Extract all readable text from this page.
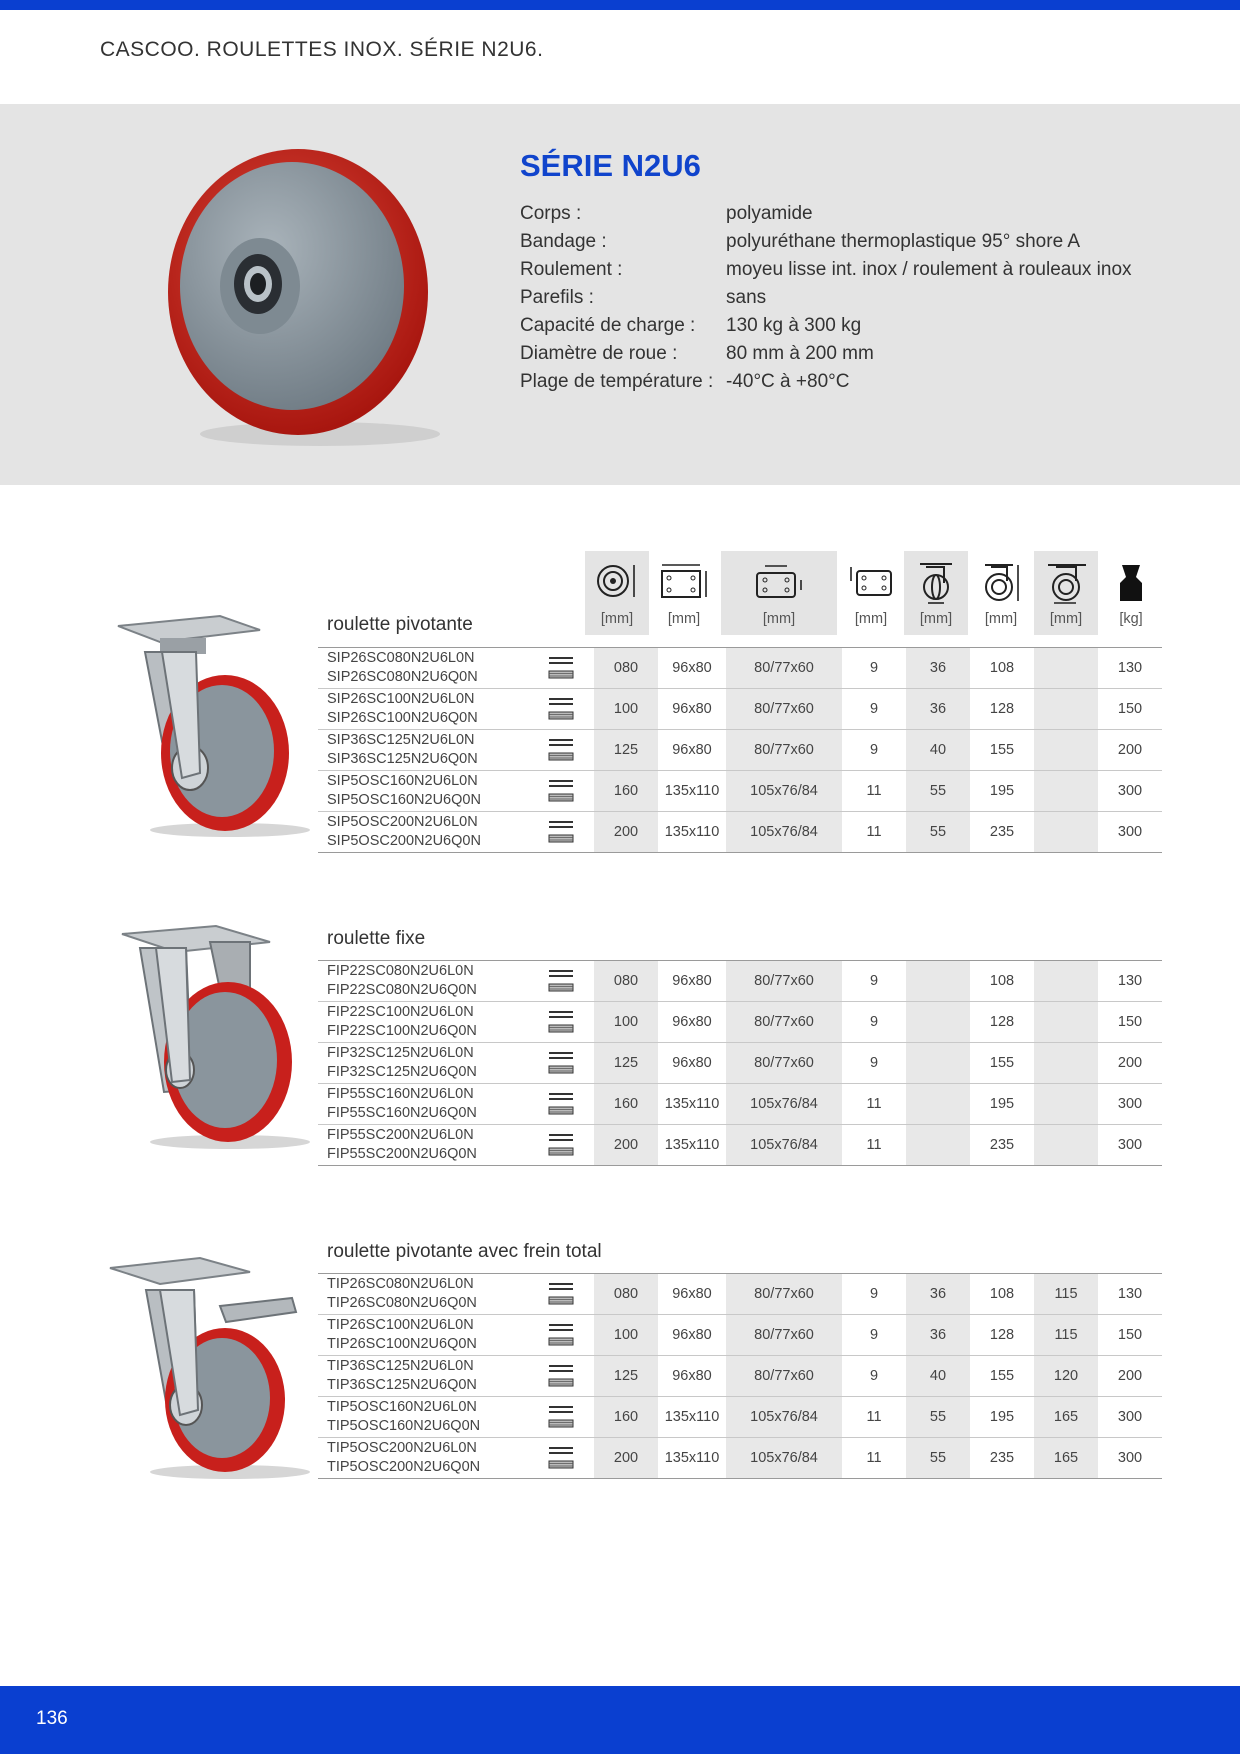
CASCOO. ROULETTES INOX. SÉRIE N2U6.
SÉRIE N2U6
Corps :	polyamide
Bandage :	polyuréthane thermoplastique 95° shore A
Roulement :	moyeu lisse int. inox / roulement à rouleaux inox
Parefils :	sans
Capacité de charge :	130 kg à 300 kg
Diamètre de roue :	80 mm à 200 mm
Plage de température : -40°C à +80°C
[mm]	[mm]	[mm]	[mm]	[mm]	[mm]	[mm]	[kg]
roulette pivotante
roulette fixe
roulette pivotante avec frein total
SIP26SC080N2U6L0N
SIP26SC080N2U6Q0N		080	96x80	80/77x60	9	36	108		130

SIP26SC100N2U6L0N
SIP26SC100N2U6Q0N		100	96x80	80/77x60	9	36	128		150

SIP36SC125N2U6L0N
SIP36SC125N2U6Q0N		125	96x80	80/77x60	9	40	155		200

SIP5OSC160N2U6L0N
SIP5OSC160N2U6Q0N		160	135x110	105x76/84	11	55	195		300

SIP5OSC200N2U6L0N
SIP5OSC200N2U6Q0N		200	135x110	105x76/84	11	55	235		300
FIP22SC080N2U6L0N
FIP22SC080N2U6Q0N		080	96x80	80/77x60	9		108		130

FIP22SC100N2U6L0N
FIP22SC100N2U6Q0N		100	96x80	80/77x60	9		128		150

FIP32SC125N2U6L0N
FIP32SC125N2U6Q0N		125	96x80	80/77x60	9		155		200

FIP55SC160N2U6L0N
FIP55SC160N2U6Q0N		160	135x110	105x76/84	11		195		300

FIP55SC200N2U6L0N
FIP55SC200N2U6Q0N		200	135x110	105x76/84	11		235		300
TIP26SC080N2U6L0N
TIP26SC080N2U6Q0N		080	96x80	80/77x60	9	36	108	115	130

TIP26SC100N2U6L0N
TIP26SC100N2U6Q0N		100	96x80	80/77x60	9	36	128	115	150

TIP36SC125N2U6L0N
TIP36SC125N2U6Q0N		125	96x80	80/77x60	9	40	155	120	200

TIP5OSC160N2U6L0N
TIP5OSC160N2U6Q0N		160	135x110	105x76/84	11	55	195	165	300

TIP5OSC200N2U6L0N
TIP5OSC200N2U6Q0N		200	135x110	105x76/84	11	55	235	165	300
136
